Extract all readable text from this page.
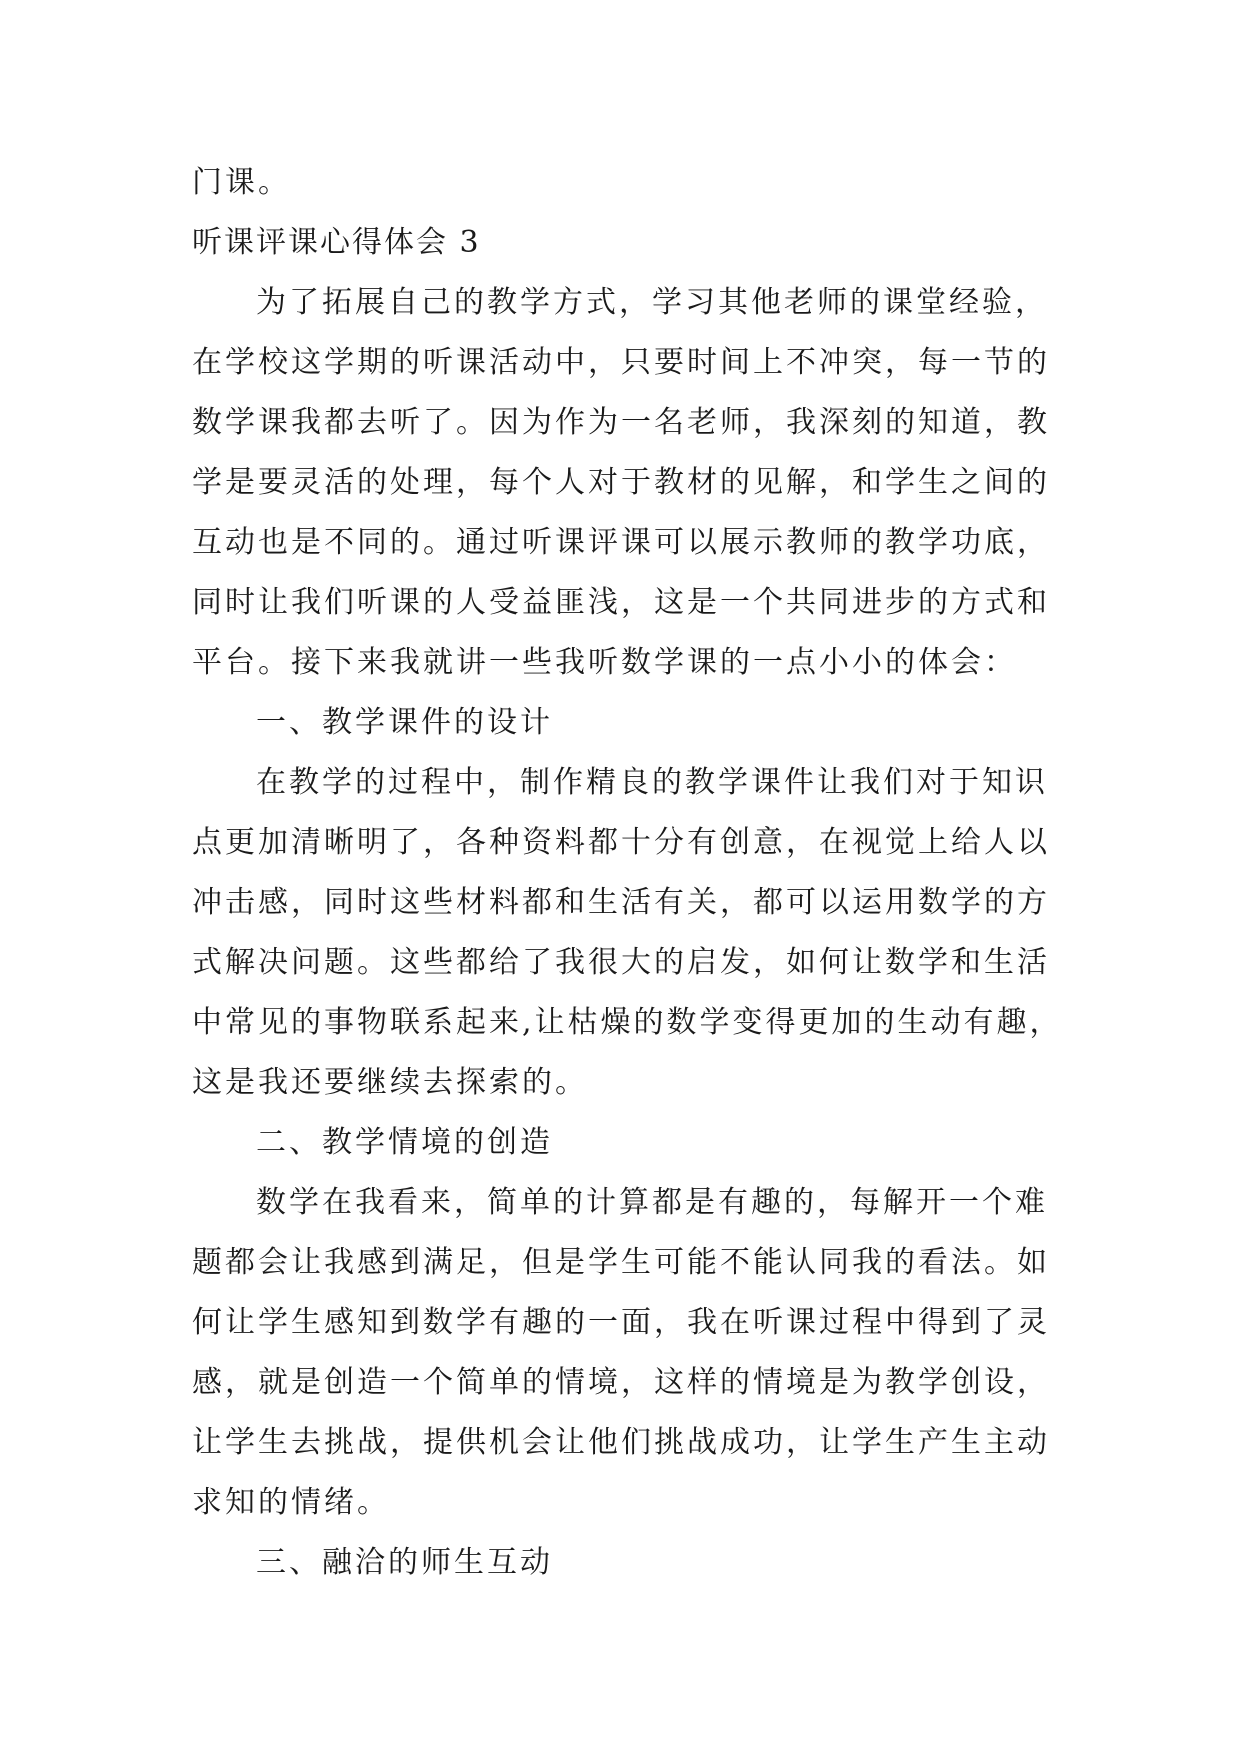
门课。
听课评课心得体会 3
为了拓展自己的教学方式，学习其他老师的课堂经验，
在学校这学期的听课活动中，只要时间上不冲突，每一节的
数学课我都去听了。因为作为一名老师，我深刻的知道，教
学是要灵活的处理，每个人对于教材的见解，和学生之间的
互动也是不同的。通过听课评课可以展示教师的教学功底，
同时让我们听课的人受益匪浅，这是一个共同进步的方式和
平台。接下来我就讲一些我听数学课的一点小小的体会：
一、教学课件的设计
在教学的过程中，制作精良的教学课件让我们对于知识
点更加清晰明了，各种资料都十分有创意，在视觉上给人以
冲击感，同时这些材料都和生活有关，都可以运用数学的方
式解决问题。这些都给了我很大的启发，如何让数学和生活
中常见的事物联系起来,让枯燥的数学变得更加的生动有趣，
这是我还要继续去探索的。
二、教学情境的创造
数学在我看来，简单的计算都是有趣的，每解开一个难
题都会让我感到满足，但是学生可能不能认同我的看法。如
何让学生感知到数学有趣的一面，我在听课过程中得到了灵
感，就是创造一个简单的情境，这样的情境是为教学创设，
让学生去挑战，提供机会让他们挑战成功，让学生产生主动
求知的情绪。
三、融洽的师生互动
